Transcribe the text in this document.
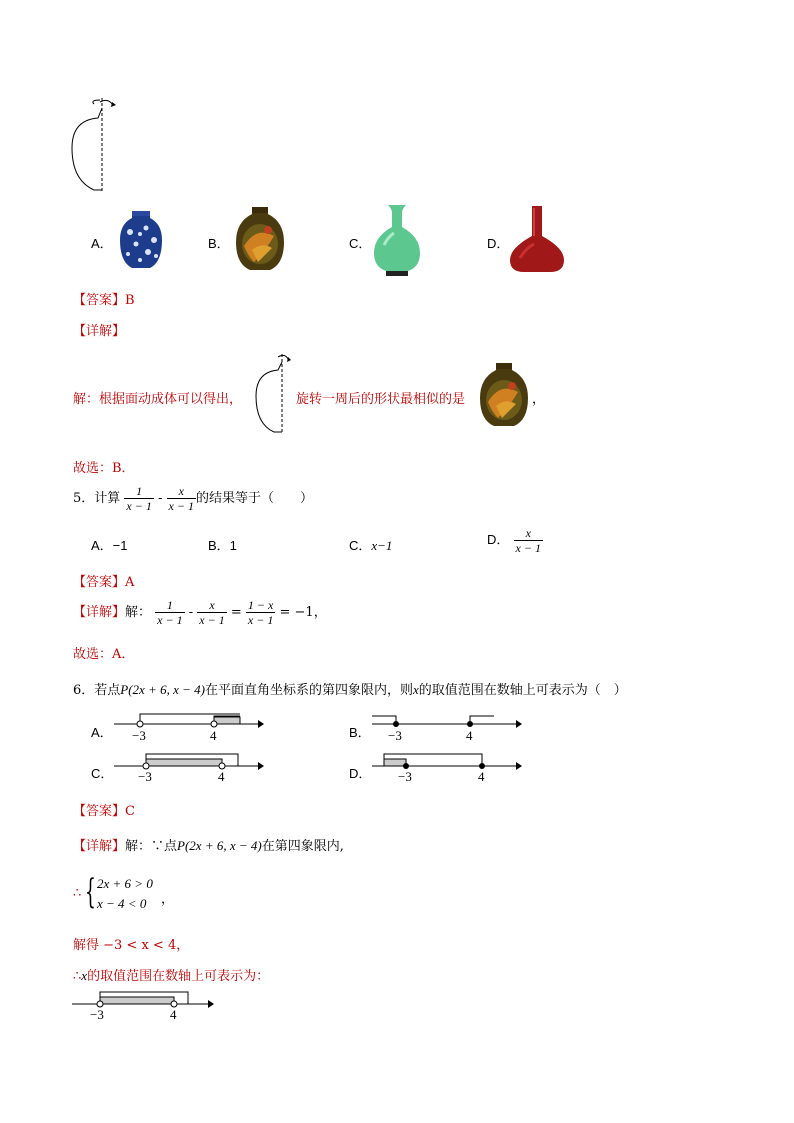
A．	B．	C．	D．
【答案】B
【详解】
解：根据面动成体可以得出，	旋转一周后的形状最相似的是	，
故选：B．
5．计算 $\frac{1}{x - 1} - \frac{x}{x - 1}$ 的结果等于（　　）
A．−1	B．1	C．x−1	D． $\frac{x}{x - 1}$
【答案】A
【详解】解： $\frac{1}{x - 1} - \frac{x}{x - 1} = \frac{1 - x}{x - 1} = -1$，
故选：A．
6．若点P(2x + 6, x − 4)在平面直角坐标系的第四象限内，则x的取值范围在数轴上可表示为（　）
A．	B．
C．	D．
−3	4	−3	4
−3	4	−3	4
【答案】C
【详解】解：∵点P(2x + 6, x − 4)在第四象限内,
∴ { 2x + 6 > 0
x − 4 < 0 ，
解得 −3 < x < 4，
∴x的取值范围在数轴上可表示为：
−3	4
